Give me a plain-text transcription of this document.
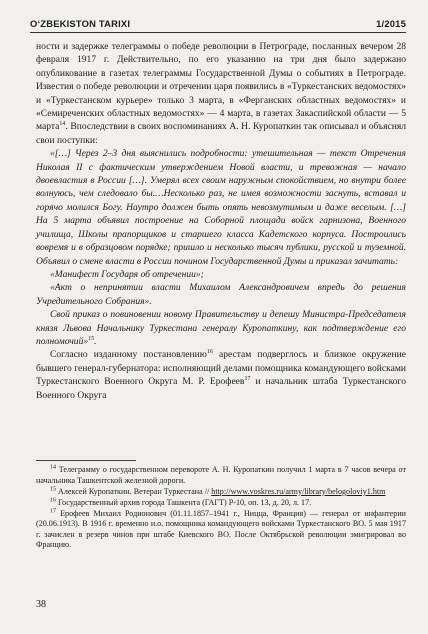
O‘ZBEKISTON TARIXI	1/2015

ности и задержке телеграммы о победе революции в Петрограде, посланных вечером 28 февраля 1917 г. Действительно, по его указанию на три дня было задержано опубликование в газетах телеграммы Государственной Думы о событиях в Петрограде. Известия о победе революции и отречении царя появились в «Туркестанских ведомостях» и «Туркестанском курьере» только 3 марта, в «Ферганских областных ведомостях» и «Семиреченских областных ведомостях» — 4 марта, в газетах Закаспийской области — 5 марта$^{14}$. Впоследствии в своих воспоминаниях А. Н. Куропаткин так описывал и объяснял свои поступки:

«[…] Через 2–3 дня выяснились подробности: утешительная — текст Отречения Николая II с фактическим утверждением Новой власти, и тревожная — начало двоевластия в России […]. Умерял всех своим наружным спокойствием, но внутри более волнуюсь, чем следовало бы.…Несколько раз, не имея возможности заснуть, вставал и горячо молился Богу. Наутро должен быть опять невозмутимым и даже веселым. […] На 5 марта объявил построение на Соборной площади войск гарнизона, Военного училища, Школы прапорщиков и старшего класса Кадетского корпуса. Построились вовремя и в образцовом порядке; пришло и несколько тысяч публики, русской и туземной. Объявил о смене власти в России почином Государственной Думы и приказал зачитать:

«Манифест Государя об отречении»;

«Акт о непринятии власти Михаилом Александровичем впредь до решения Учредительного Собрания».

Свой приказ о повиновении новому Правительству и депешу Министра-Председателя князя Львова Начальнику Туркестана генералу Куропаткину, как подтверждение его полномочий»$^{15}$.

Согласно изданному постановлению$^{16}$ арестам подверглось и близкое окружение бывшего генерал-губернатора: исполняющий делами помощника командующего войсками Туркестанского Военного Округа М. Р. Ерофеев$^{17}$ и начальник штаба Туркестанского Военного Округа

$^{14}$ Телеграмму о государственном перевороте А. Н. Куропаткин получил 1 марта в 7 часов вечера от начальника Ташкентской железной дороги.

$^{15}$ Алексей Куропаткин. Ветеран Туркестана // http://www.voskres.ru/army/library/belogoloviy1.htm

$^{16}$ Государственный архив города Ташкента (ГАГТ) Р-10, оп. 13, д. 20, л. 17.

$^{17}$ Ерофеев Михаил Родионович (01.11.1857–1941 г., Ницца, Франция) — генерал от инфантерии (20.06.1913). В 1916 г. временно и.о. помощника командующего войсками Туркестанского ВО. 5 мая 1917 г. зачислен в резерв чинов при штабе Киевского ВО. После Октябрьской революции эмигрировал во Францию.

38
